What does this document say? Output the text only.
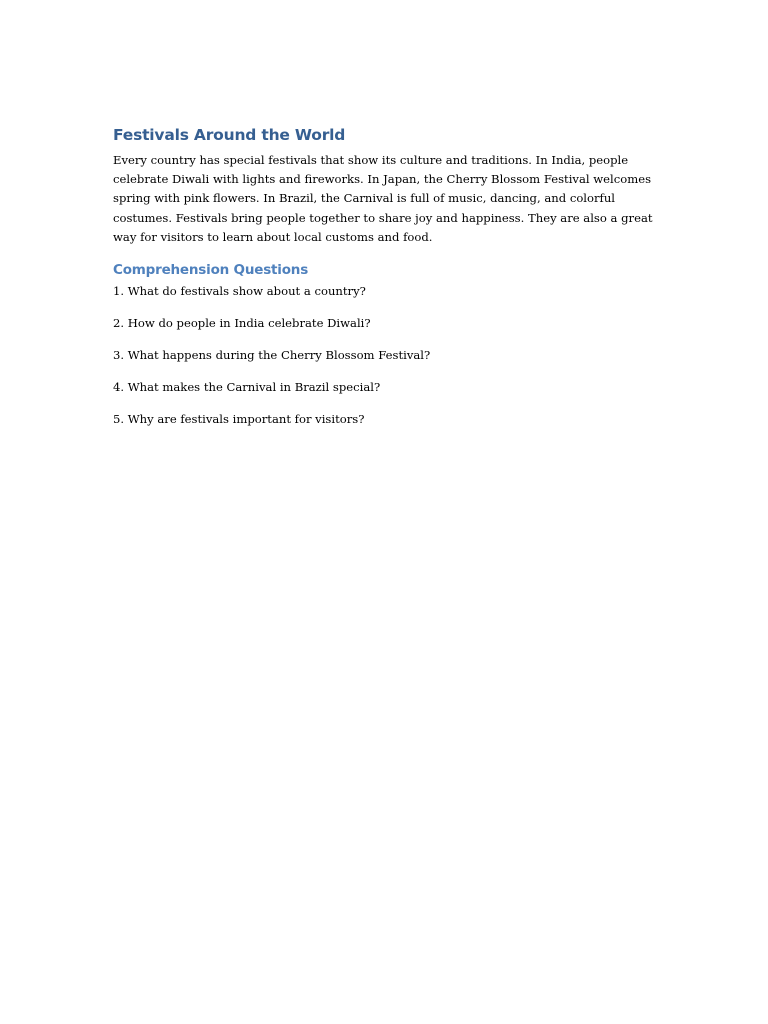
Festivals Around the World

Every country has special festivals that show its culture and traditions. In India, people celebrate Diwali with lights and fireworks. In Japan, the Cherry Blossom Festival welcomes spring with pink flowers. In Brazil, the Carnival is full of music, dancing, and colorful costumes. Festivals bring people together to share joy and happiness. They are also a great way for visitors to learn about local customs and food.

Comprehension Questions
1. What do festivals show about a country?
2. How do people in India celebrate Diwali?
3. What happens during the Cherry Blossom Festival?
4. What makes the Carnival in Brazil special?
5. Why are festivals important for visitors?
